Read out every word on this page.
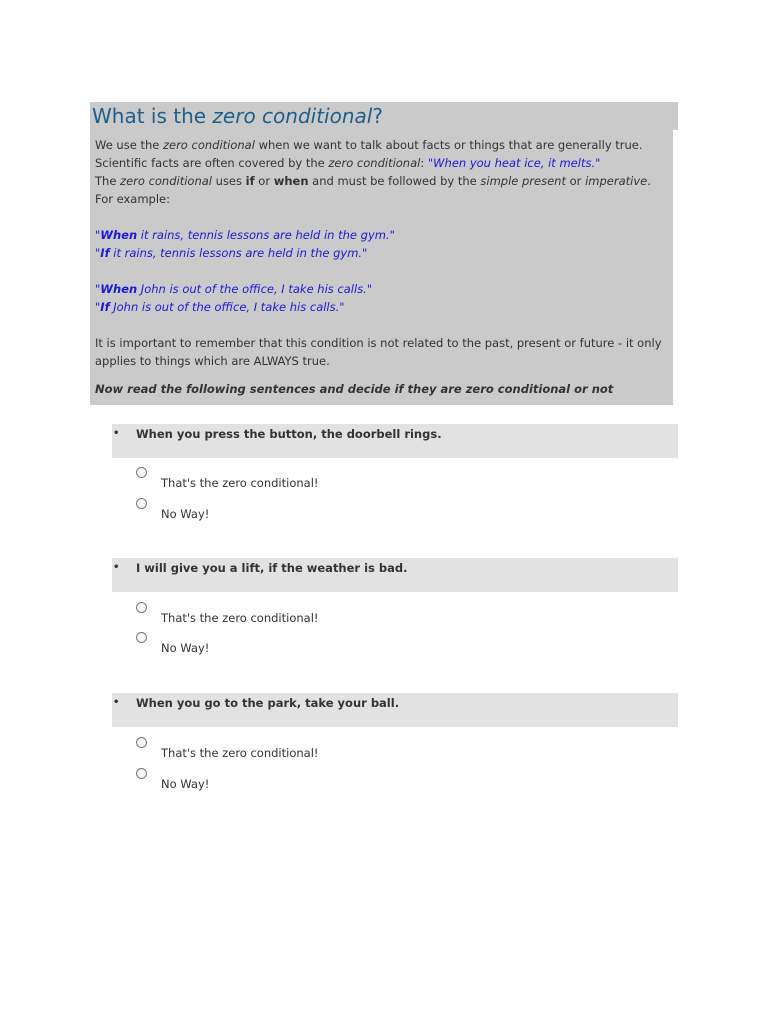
What is the zero conditional?

We use the zero conditional when we want to talk about facts or things that are generally true.
Scientific facts are often covered by the zero conditional: "When you heat ice, it melts."
The zero conditional uses if or when and must be followed by the simple present or imperative. For example:

"When it rains, tennis lessons are held in the gym."

"If it rains, tennis lessons are held in the gym."

"When John is out of the office, I take his calls."

"If John is out of the office, I take his calls."

It is important to remember that this condition is not related to the past, present or future - it only applies to things which are ALWAYS true.

Now read the following sentences and decide if they are zero conditional or not

• When you press the button, the doorbell rings.
That's the zero conditional!
No Way!
• I will give you a lift, if the weather is bad.
That's the zero conditional!
No Way!
• When you go to the park, take your ball.
That's the zero conditional!
No Way!
